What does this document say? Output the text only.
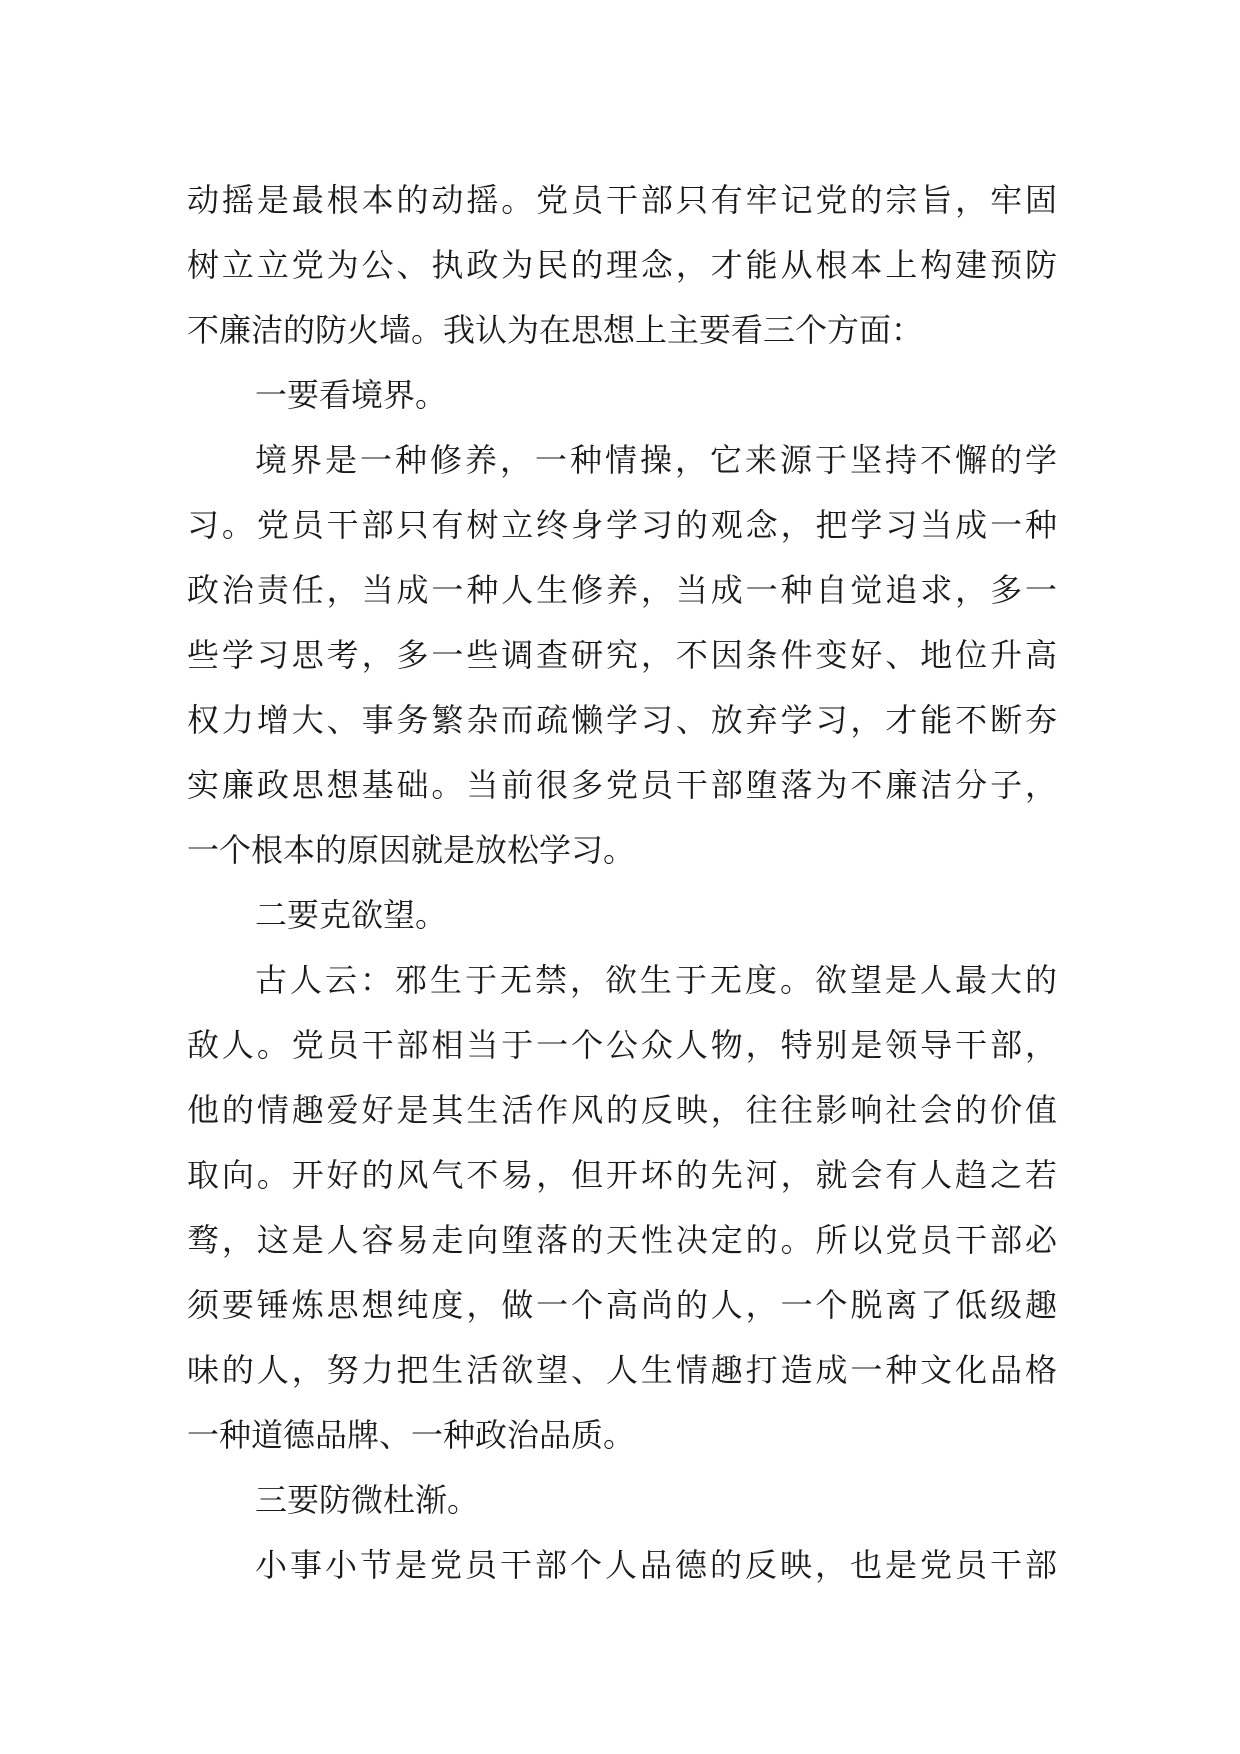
动摇是最根本的动摇。党员干部只有牢记党的宗旨，牢固
树立立党为公、执政为民的理念，才能从根本上构建预防
不廉洁的防火墙。我认为在思想上主要看三个方面：
一要看境界。
境界是一种修养，一种情操，它来源于坚持不懈的学
习。党员干部只有树立终身学习的观念，把学习当成一种
政治责任，当成一种人生修养，当成一种自觉追求，多一
些学习思考，多一些调查研究，不因条件变好、地位升高
权力增大、事务繁杂而疏懒学习、放弃学习，才能不断夯
实廉政思想基础。当前很多党员干部堕落为不廉洁分子，
一个根本的原因就是放松学习。
二要克欲望。
古人云：邪生于无禁，欲生于无度。欲望是人最大的
敌人。党员干部相当于一个公众人物，特别是领导干部，
他的情趣爱好是其生活作风的反映，往往影响社会的价值
取向。开好的风气不易，但开坏的先河，就会有人趋之若
骛，这是人容易走向堕落的天性决定的。所以党员干部必
须要锤炼思想纯度，做一个高尚的人，一个脱离了低级趣
味的人，努力把生活欲望、人生情趣打造成一种文化品格
一种道德品牌、一种政治品质。
三要防微杜渐。
小事小节是党员干部个人品德的反映，也是党员干部
